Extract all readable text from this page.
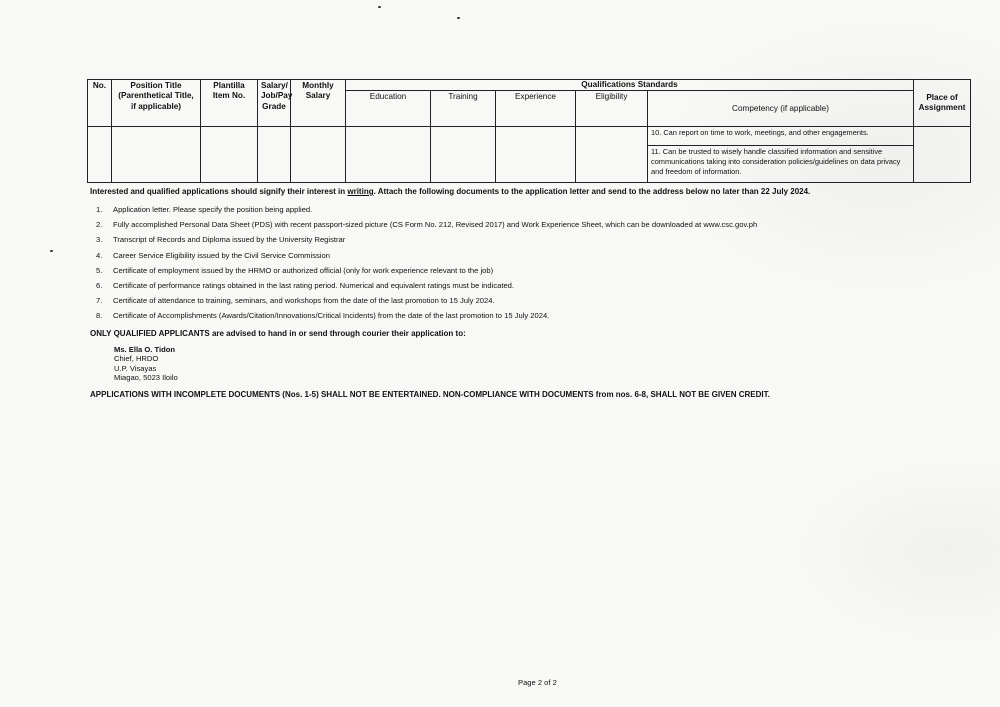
No.	Position Title (Parenthetical Title, if applicable)	Plantilla Item No.	Salary/ Job/Pay Grade	Monthly Salary	Qualifications Standards					Place of Assignment
					Education	Training	Experience	Eligibility	Competency (if applicable)	
									10. Can report on time to work, meetings, and other engagements.	
									11. Can be trusted to wisely handle classified information and sensitive communications taking into consideration policies/guidelines on data privacy and freedom of information.	
Interested and qualified applications should signify their interest in writing. Attach the following documents to the application letter and send to the address below no later than 22 July 2024.
1.	Application letter. Please specify the position being applied.
2.	Fully accomplished Personal Data Sheet (PDS) with recent passport-sized picture (CS Form No. 212, Revised 2017) and Work Experience Sheet, which can be downloaded at www.csc.gov.ph
3.	Transcript of Records and Diploma issued by the University Registrar
4.	Career Service Eligibility issued by the Civil Service Commission
5.	Certificate of employment issued by the HRMO or authorized official (only for work experience relevant to the job)
6.	Certificate of performance ratings obtained in the last rating period. Numerical and equivalent ratings must be indicated.
7.	Certificate of attendance to training, seminars, and workshops from the date of the last promotion to 15 July 2024.
8.	Certificate of Accomplishments (Awards/Citation/Innovations/Critical Incidents) from the date of the last promotion to 15 July 2024.
ONLY QUALIFIED APPLICANTS are advised to hand in or send through courier their application to:
Ms. Ella O. Tidon
Chief, HRDO
U.P. Visayas
Miagao, 5023 Iloilo
APPLICATIONS WITH INCOMPLETE DOCUMENTS (Nos. 1-5) SHALL NOT BE ENTERTAINED. NON-COMPLIANCE WITH DOCUMENTS from nos. 6-8, SHALL NOT BE GIVEN CREDIT.
Page 2 of 2
